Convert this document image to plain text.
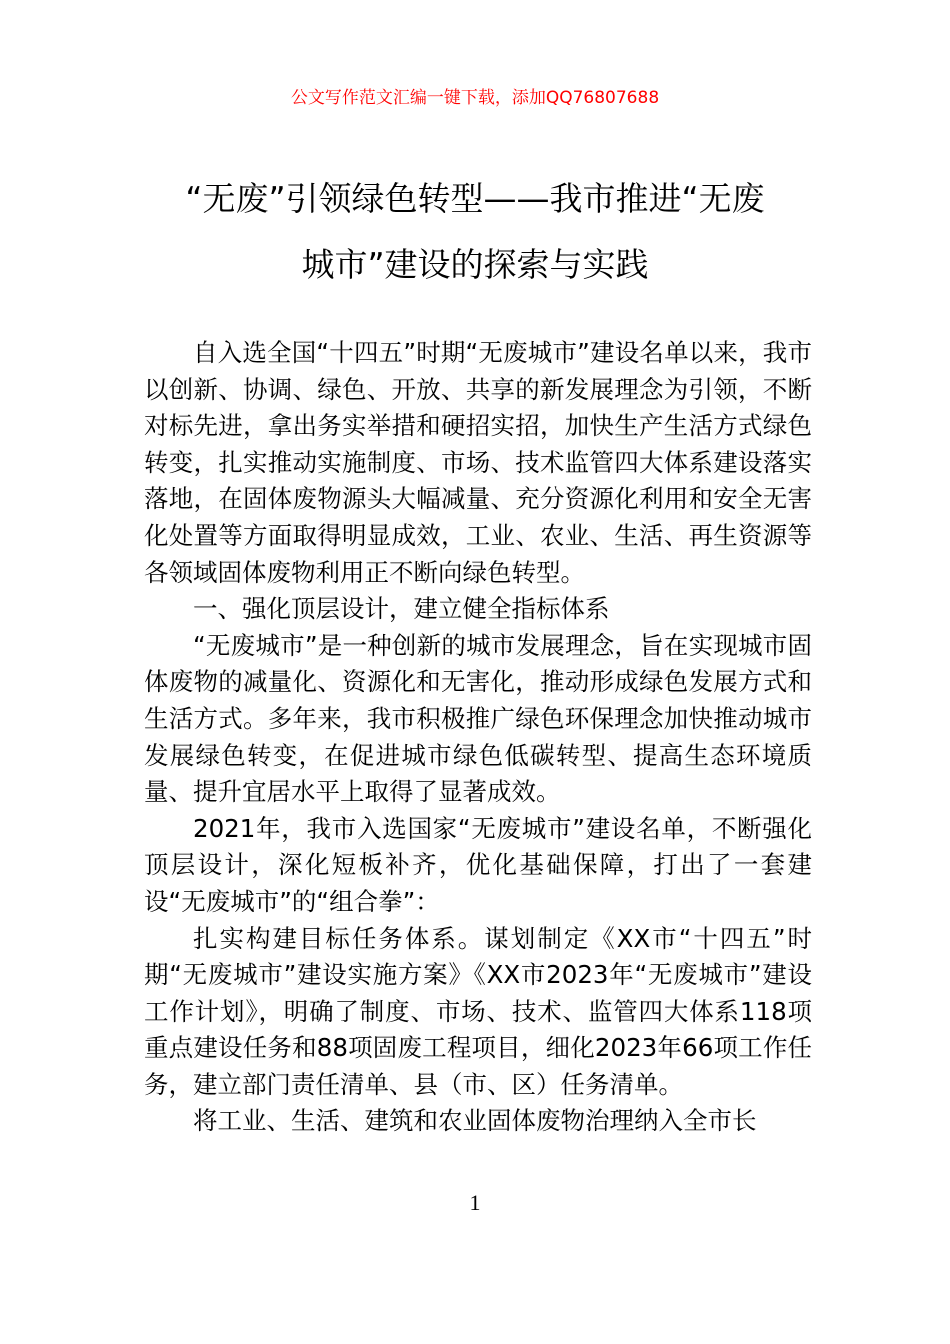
公文写作范文汇编一键下载，添加QQ76807688
“无废”引领绿色转型——我市推进“无废
城市”建设的探索与实践

自入选全国“十四五”时期“无废城市”建设名单以来，我市以创新、协调、绿色、开放、共享的新发展理念为引领，不断对标先进，拿出务实举措和硬招实招，加快生产生活方式绿色转变，扎实推动实施制度、市场、技术监管四大体系建设落实落地，在固体废物源头大幅减量、充分资源化利用和安全无害化处置等方面取得明显成效，工业、农业、生活、再生资源等各领域固体废物利用正不断向绿色转型。

一、强化顶层设计，建立健全指标体系

“无废城市”是一种创新的城市发展理念，旨在实现城市固体废物的减量化、资源化和无害化，推动形成绿色发展方式和生活方式。多年来，我市积极推广绿色环保理念加快推动城市发展绿色转变，在促进城市绿色低碳转型、提高生态环境质量、提升宜居水平上取得了显著成效。

2021年，我市入选国家“无废城市”建设名单，不断强化顶层设计，深化短板补齐，优化基础保障，打出了一套建设“无废城市”的“组合拳”：

扎实构建目标任务体系。谋划制定《XX市“十四五”时期“无废城市”建设实施方案》《XX市2023年“无废城市”建设工作计划》，明确了制度、市场、技术、监管四大体系118项重点建设任务和88项固废工程项目，细化2023年66项工作任务，建立部门责任清单、县（市、区）任务清单。

将工业、生活、建筑和农业固体废物治理纳入全市长

1
